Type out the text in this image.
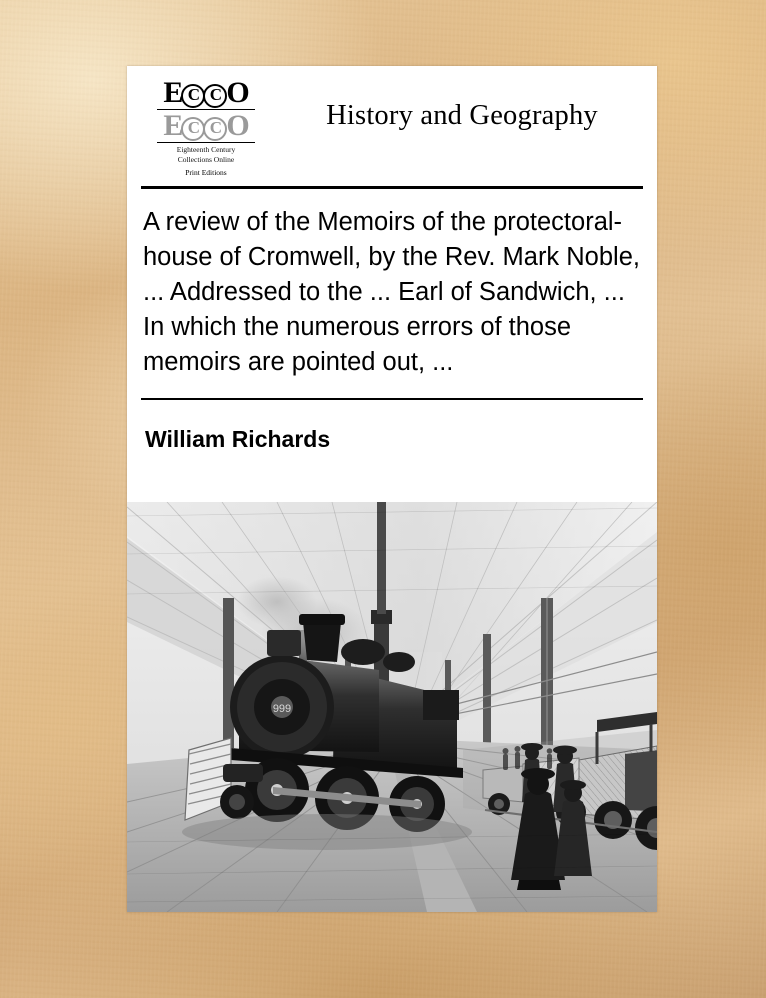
E C C O
E C C O
Eighteenth Century
Collections Online
Print Editions
History and Geography
A review of the Memoirs of the protectoral-house of Cromwell, by the Rev. Mark Noble, ... Addressed to the ... Earl of Sandwich, ... In which the numerous errors of those memoirs are pointed out, ...
William Richards
999
